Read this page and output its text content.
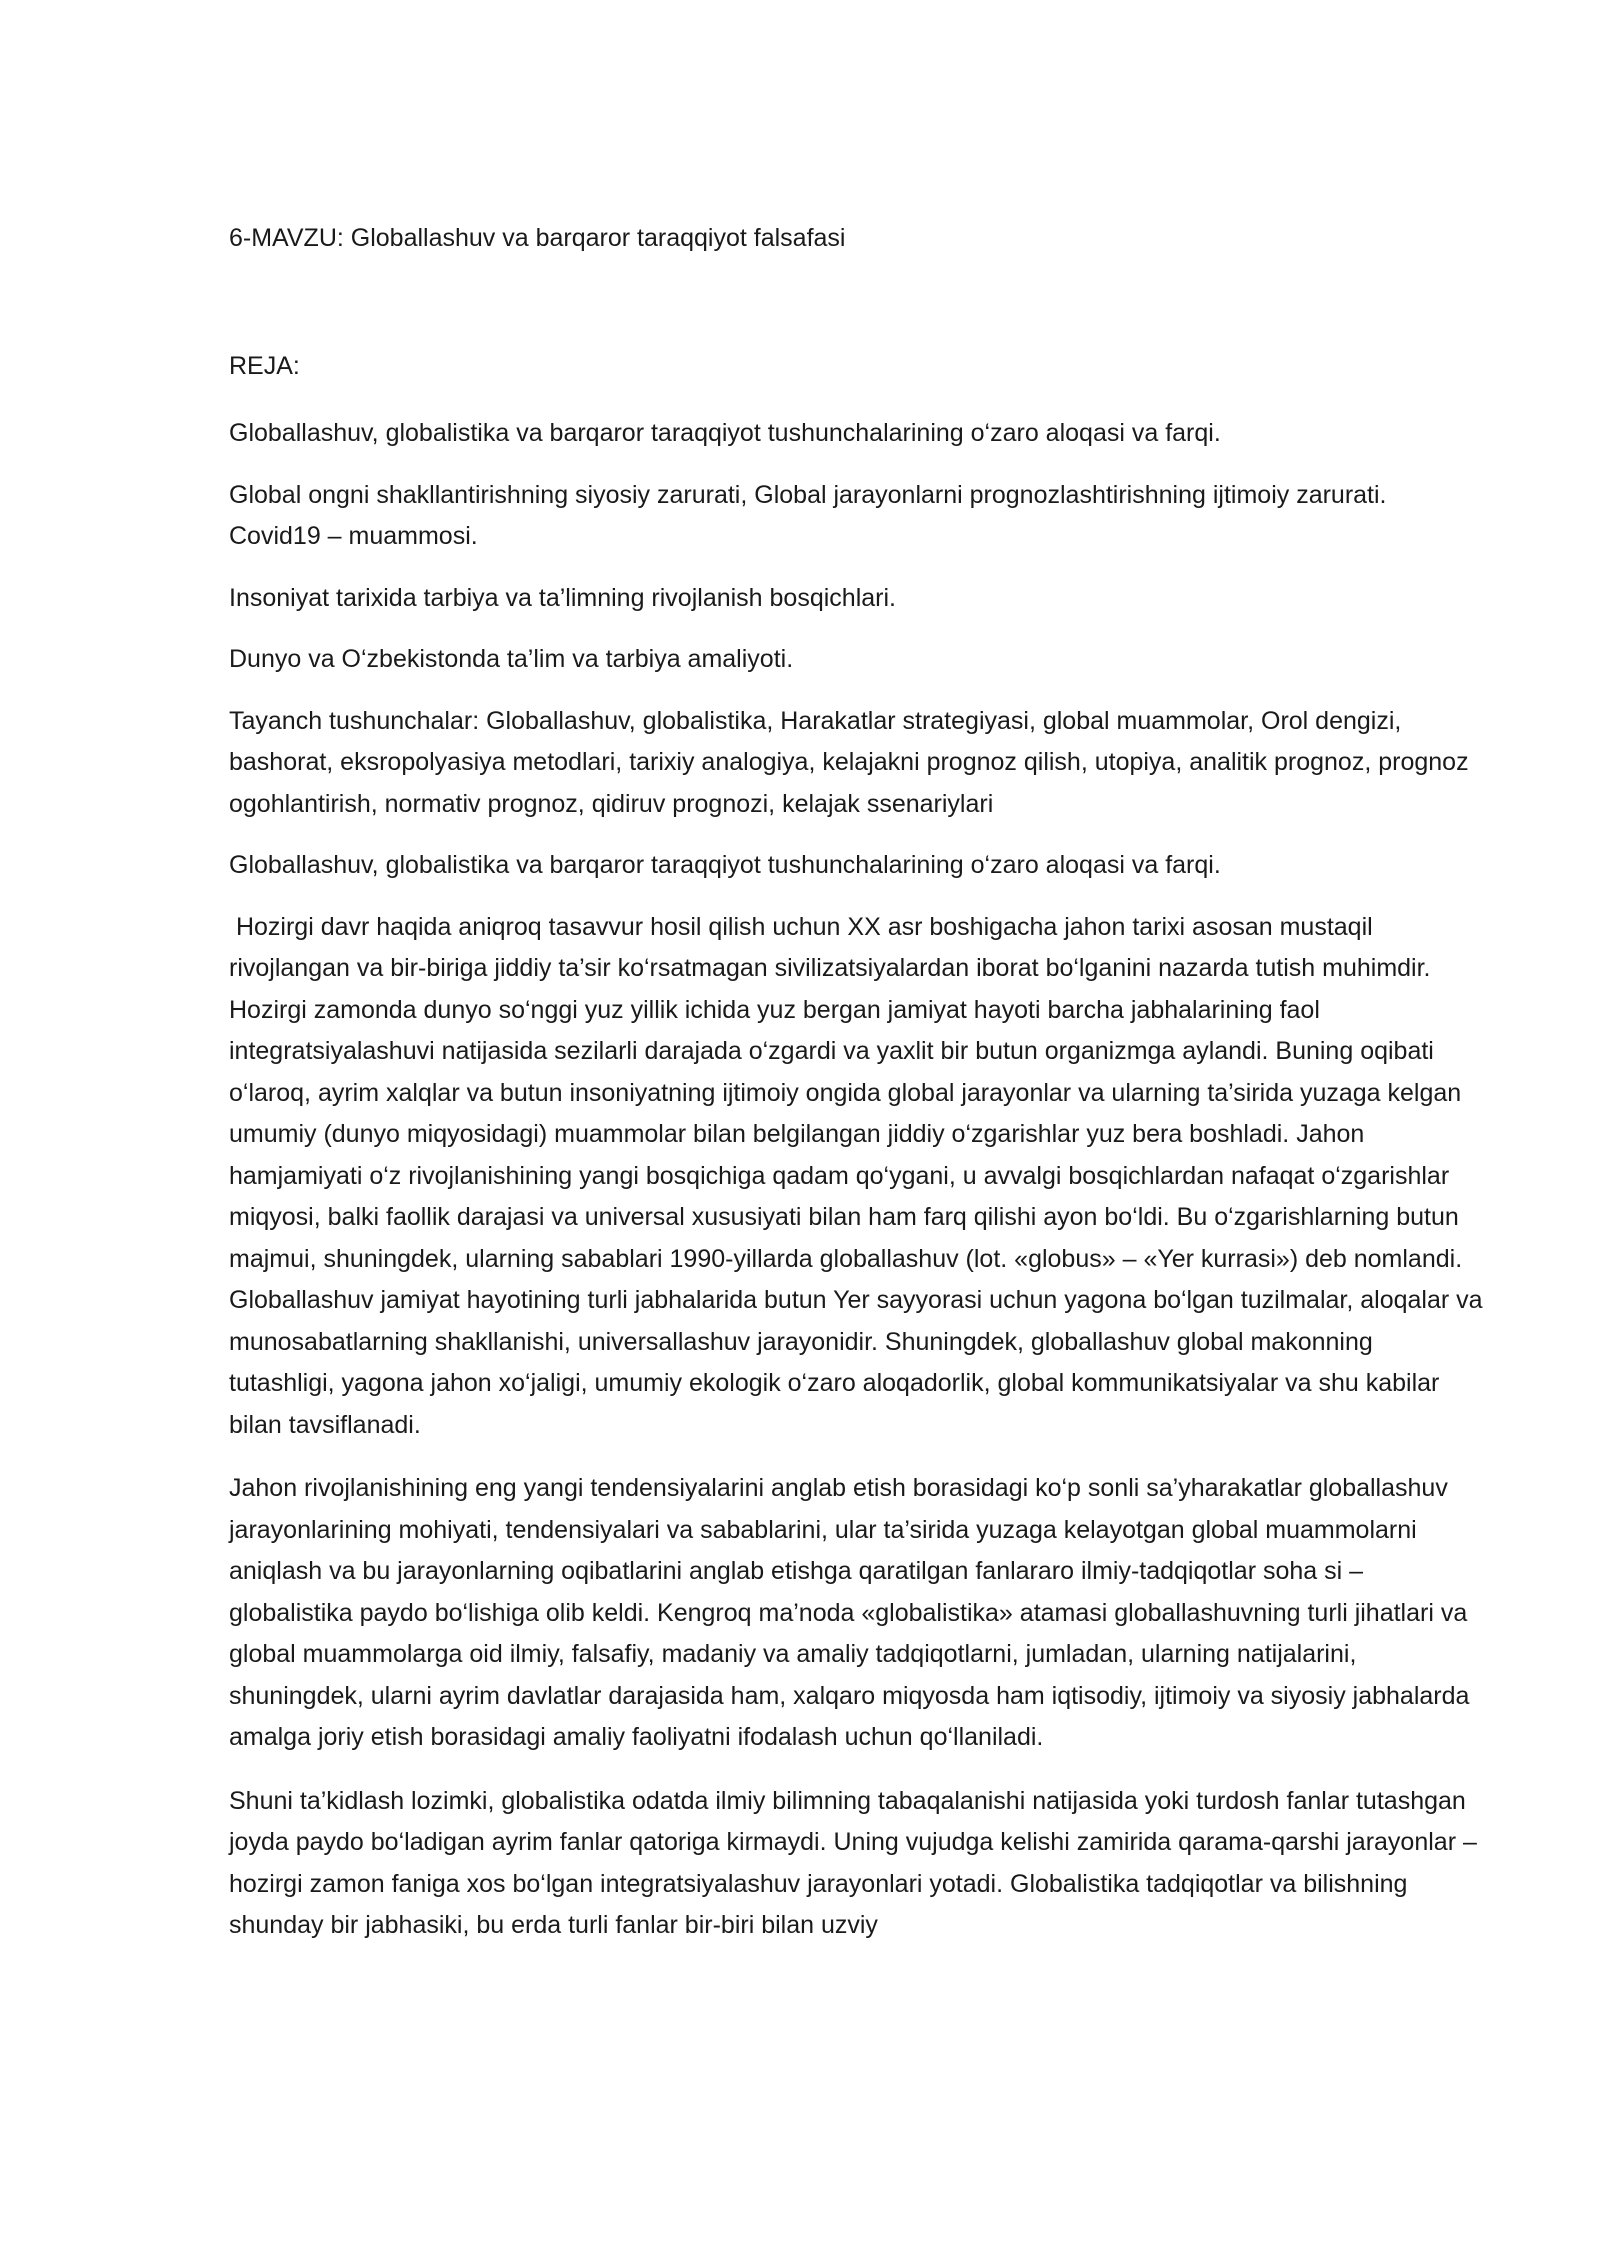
6-MAVZU: Globallashuv va barqaror taraqqiyot falsafasi

REJA:

Globallashuv, globalistika va barqaror taraqqiyot tushunchalarining o‘zaro aloqasi va farqi.

Global ongni shakllantirishning siyosiy zarurati, Global jarayonlarni prognozlashtirishning ijtimoiy zarurati. Covid19 – muammosi.

Insoniyat tarixida tarbiya va ta’limning rivojlanish bosqichlari.

Dunyo va O‘zbekistonda ta’lim va tarbiya amaliyoti.

Tayanch tushunchalar: Globallashuv, globalistika, Harakatlar strategiyasi, global muammolar, Orol dengizi, bashorat, eksropolyasiya metodlari, tarixiy analogiya, kelajakni prognoz qilish, utopiya, analitik prognoz, prognoz ogohlantirish, normativ prognoz, qidiruv prognozi, kelajak ssenariylari

Globallashuv, globalistika va barqaror taraqqiyot tushunchalarining o‘zaro aloqasi va farqi.

Hozirgi davr haqida aniqroq tasavvur hosil qilish uchun XX asr boshigacha jahon tarixi asosan mustaqil rivojlangan va bir-biriga jiddiy ta’sir ko‘rsatmagan sivilizatsiyalardan iborat bo‘lganini nazarda tutish muhimdir. Hozirgi zamonda dunyo so‘nggi yuz yillik ichida yuz bergan jamiyat hayoti barcha jabhalarining faol integratsiyalashuvi natijasida sezilarli darajada o‘zgardi va yaxlit bir butun organizmga aylandi. Buning oqibati o‘laroq, ayrim xalqlar va butun insoniyatning ijtimoiy ongida global jarayonlar va ularning ta’sirida yuzaga kelgan umumiy (dunyo miqyosidagi) muammolar bilan belgilangan jiddiy o‘zgarishlar yuz bera boshladi. Jahon hamjamiyati o‘z rivojlanishining yangi bosqichiga qadam qo‘ygani, u avvalgi bosqichlardan nafaqat o‘zgarishlar miqyosi, balki faollik darajasi va universal xususiyati bilan ham farq qilishi ayon bo‘ldi. Bu o‘zgarishlarning butun majmui, shuningdek, ularning sabablari 1990-yillarda globallashuv (lot. «globus» – «Yer kurrasi») deb nomlandi. Globallashuv jamiyat hayotining turli jabhalarida butun Yer sayyorasi uchun yagona bo‘lgan tuzilmalar, aloqalar va munosabatlarning shakllanishi, universallashuv jarayonidir. Shuningdek, globallashuv global makonning tutashligi, yagona jahon xo‘jaligi, umumiy ekologik o‘zaro aloqadorlik, global kommunikatsiyalar va shu kabilar bilan tavsiflanadi.

Jahon rivojlanishining eng yangi tendensiyalarini anglab etish borasidagi ko‘p sonli sa’yharakatlar globallashuv jarayonlarining mohiyati, tendensiyalari va sabablarini, ular ta’sirida yuzaga kelayotgan global muammolarni aniqlash va bu jarayonlarning oqibatlarini anglab etishga qaratilgan fanlararo ilmiy-tadqiqotlar soha si – globalistika paydo bo‘lishiga olib keldi. Kengroq ma’noda «globalistika» atamasi globallashuvning turli jihatlari va global muammolarga oid ilmiy, falsafiy, madaniy va amaliy tadqiqotlarni, jumladan, ularning natijalarini, shuningdek, ularni ayrim davlatlar darajasida ham, xalqaro miqyosda ham iqtisodiy, ijtimoiy va siyosiy jabhalarda amalga joriy etish borasidagi amaliy faoliyatni ifodalash uchun qo‘llaniladi.

Shuni ta’kidlash lozimki, globalistika odatda ilmiy bilimning tabaqalanishi natijasida yoki turdosh fanlar tutashgan joyda paydo bo‘ladigan ayrim fanlar qatoriga kirmaydi. Uning vujudga kelishi zamirida qarama-qarshi jarayonlar – hozirgi zamon faniga xos bo‘lgan integratsiyalashuv jarayonlari yotadi. Globalistika tadqiqotlar va bilishning shunday bir jabhasiki, bu erda turli fanlar bir-biri bilan uzviy
